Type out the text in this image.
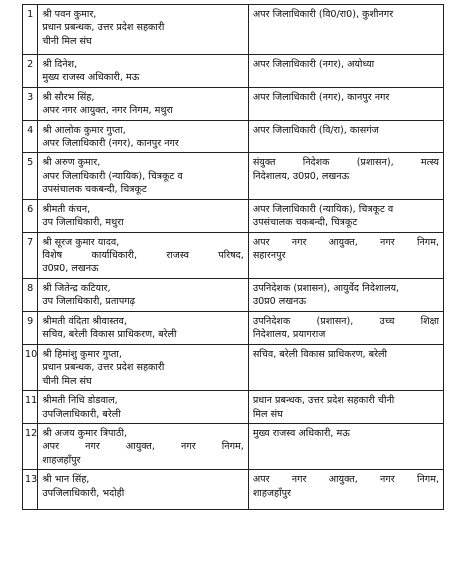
1	श्री पवन कुमार,
प्रधान प्रबन्धक, उत्तर प्रदेश सहकारी
चीनी मिल संघ	अपर जिलाधिकारी (वि0/रा0), कुशीनगर

2	श्री दिनेश,
मुख्य राजस्व अधिकारी, मऊ	अपर जिलाधिकारी (नगर), अयोध्या

3	श्री सौरभ सिंह,
अपर नगर आयुक्त, नगर निगम, मथुरा	अपर जिलाधिकारी (नगर), कानपुर नगर

4	श्री आलोक कुमार गुप्ता,
अपर जिलाधिकारी (नगर), कानपुर नगर	अपर जिलाधिकारी (वि/रा), कासगंज

5	श्री अरुण कुमार,
अपर जिलाधिकारी (न्यायिक), चित्रकूट व
उपसंचालक चकबन्दी, चित्रकूट	संयुक्त निदेशक (प्रशासन), मत्स्य
निदेशालय, उ0प्र0, लखनऊ

6	श्रीमती कंचन,
उप जिलाधिकारी, मथुरा	अपर जिलाधिकारी (न्यायिक), चित्रकूट व
उपसंचालक चकबन्दी, चित्रकूट

7	श्री सूरज कुमार यादव,
विशेष कार्याधिकारी, राजस्व परिषद,
उ0प्र0, लखनऊ	अपर नगर आयुक्त, नगर निगम,
सहारनपुर

8	श्री जितेन्द्र कटियार,
उप जिलाधिकारी, प्रतापगढ़	उपनिदेशक (प्रशासन), आयुर्वेद निदेशालय,
उ0प्र0 लखनऊ

9	श्रीमती वंदिता श्रीवास्तव,
सचिव, बरेली विकास प्राधिकरण, बरेली	उपनिदेशक (प्रशासन), उच्च शिक्षा
निदेशालय, प्रयागराज

10	श्री हिमांशु कुमार गुप्ता,
प्रधान प्रबन्धक, उत्तर प्रदेश सहकारी
चीनी मिल संघ	सचिव, बरेली विकास प्राधिकरण, बरेली

11	श्रीमती निधि डोडवाल,
उपजिलाधिकारी, बरेली	प्रधान प्रबन्धक, उत्तर प्रदेश सहकारी चीनी
मिल संघ

12	श्री अजय कुमार त्रिपाठी,
अपर नगर आयुक्त, नगर निगम,
शाहजहाँपुर	मुख्य राजस्व अधिकारी, मऊ

13	श्री भान सिंह,
उपजिलाधिकारी, भदोही	अपर नगर आयुक्त, नगर निगम,
शाहजहाँपुर
